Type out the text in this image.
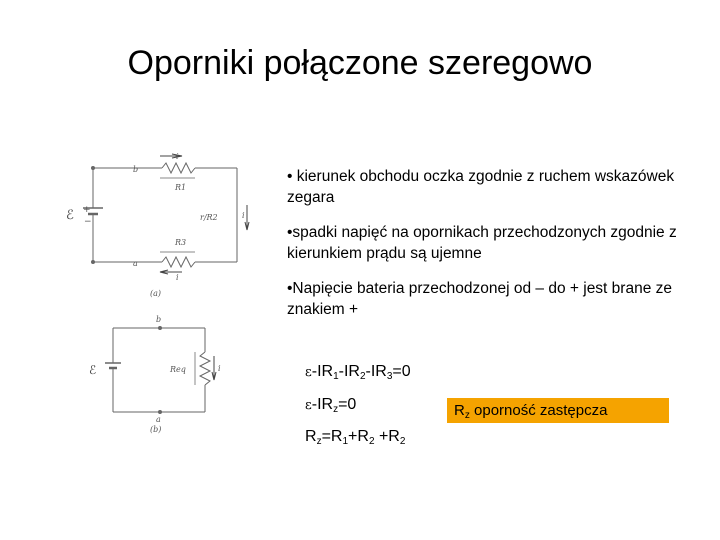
Oporniki połączone szeregowo
b
i
R1
ℰ +
−	r/R2	i
R3
a
i
(a)
b
ℰ	Req	i
a
(b)
• kierunek obchodu oczka zgodnie z ruchem wskazówek zegara
•spadki napięć na opornikach przechodzonych zgodnie z kierunkiem prądu są ujemne
•Napięcie bateria przechodzonej od – do + jest brane ze znakiem +
$\varepsilon-IR_1-IR_2-IR_3=0$
$\varepsilon-IR_z=0$
$R_z=R_1+R_2 +R_2$
$R_z$ oporność zastępcza
